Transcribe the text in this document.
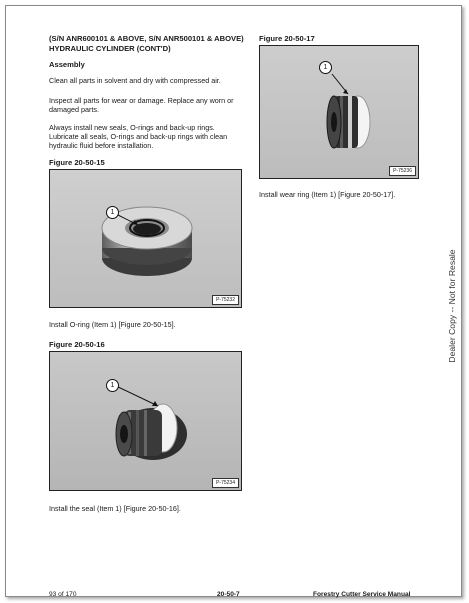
(S/N ANR600101 & ABOVE, S/N ANR500101 & ABOVE) HYDRAULIC CYLINDER (CONT'D)
Assembly
Clean all parts in solvent and dry with compressed air.
Inspect all parts for wear or damage. Replace any worn or damaged parts.
Always install new seals, O-rings and back-up rings. Lubricate all seals, O-rings and back-up rings with clean hydraulic fluid before installation.
Figure 20-50-15
1
P-75232
Install O-ring (Item 1) [Figure 20-50-15].
Figure 20-50-16
1
P-75234
Install the seal (Item 1) [Figure 20-50-16].
Figure 20-50-17
1
P-75236
Install wear ring (Item 1) [Figure 20-50-17].
Dealer Copy -- Not for Resale
93 of 170	20-50-7	Forestry Cutter Service Manual
